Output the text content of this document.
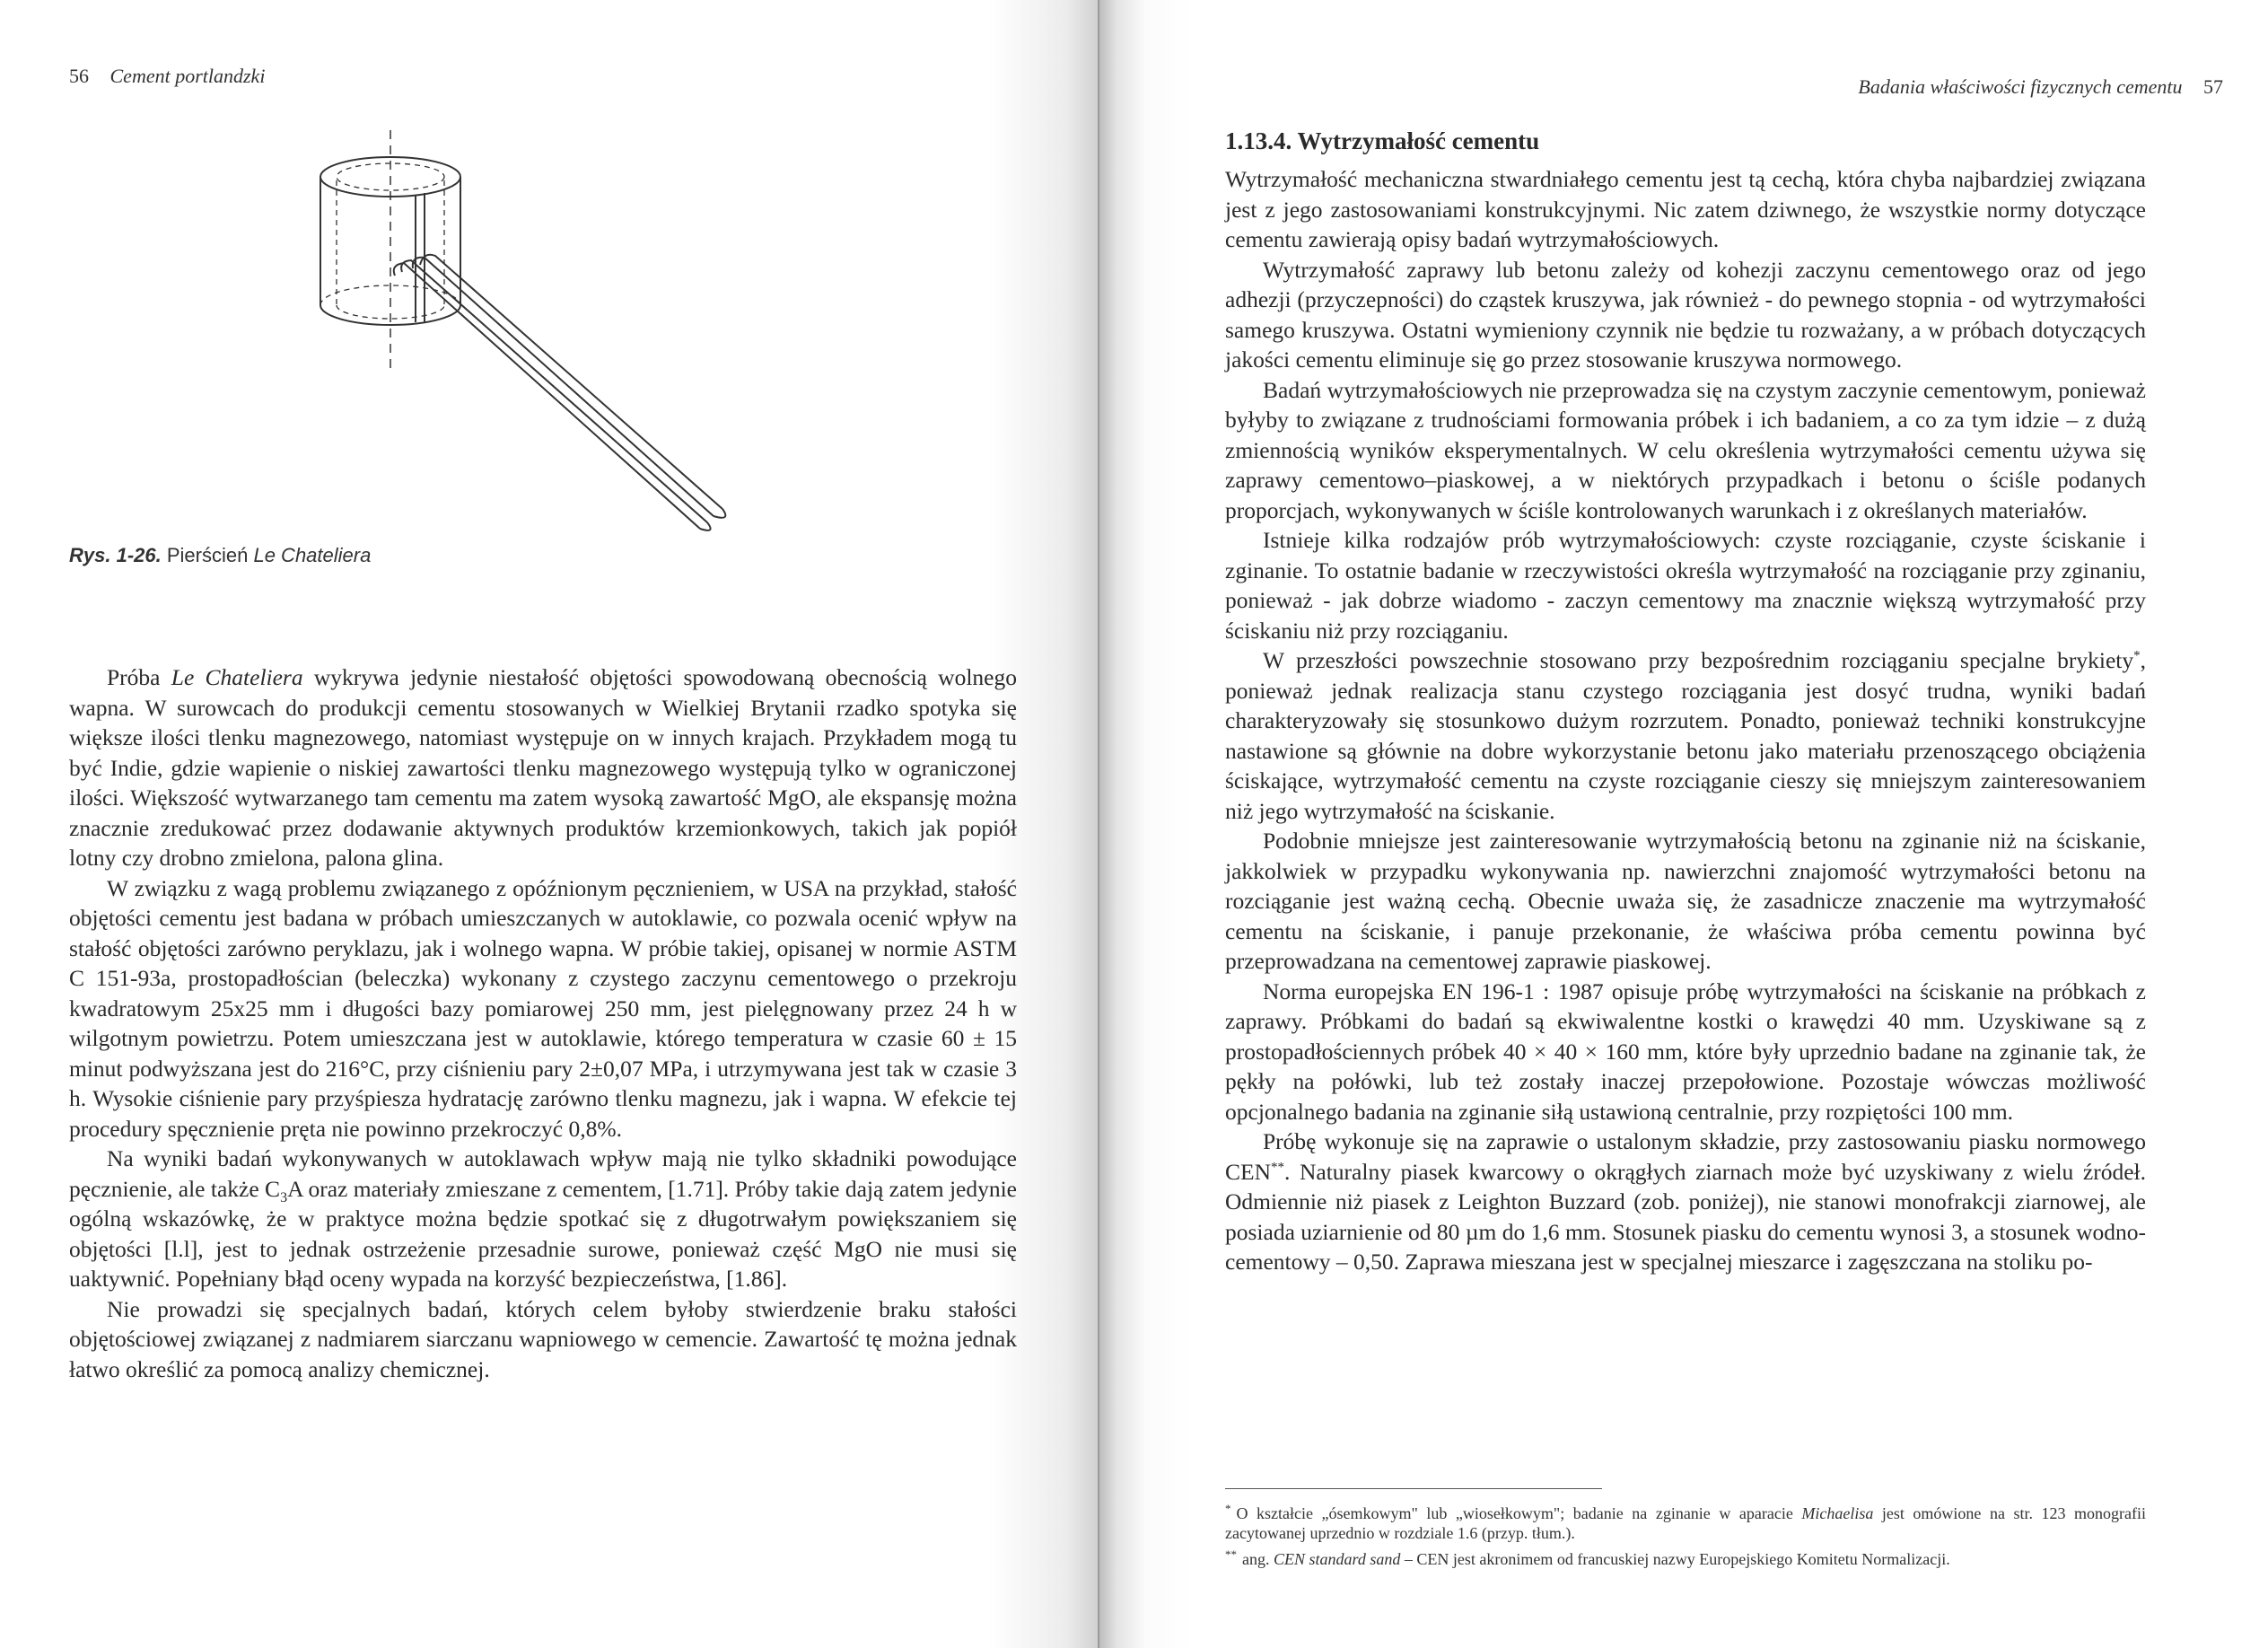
56 Cement portlandzki
Rys. 1-26. Pierścień Le Chateliera

Próba Le Chateliera wykrywa jedynie niestałość objętości spowodowaną obecnością wolnego wapna. W surowcach do produkcji cementu stosowanych w Wielkiej Brytanii rzadko spotyka się większe ilości tlenku magnezowego, natomiast występuje on w innych krajach. Przykładem mogą tu być Indie, gdzie wapienie o niskiej zawartości tlenku magnezowego występują tylko w ograniczonej ilości. Większość wytwarzanego tam cementu ma zatem wysoką zawartość MgO, ale ekspansję można znacznie zredukować przez dodawanie aktywnych produktów krzemionkowych, takich jak popiół lotny czy drobno zmielona, palona glina.

W związku z wagą problemu związanego z opóźnionym pęcznieniem, w USA na przykład, stałość objętości cementu jest badana w próbach umieszczanych w autoklawie, co pozwala ocenić wpływ na stałość objętości zarówno peryklazu, jak i wolnego wapna. W próbie takiej, opisanej w normie ASTM C 151-93a, prostopadłościan (beleczka) wykonany z czystego zaczynu cementowego o przekroju kwadratowym 25x25 mm i długości bazy pomiarowej 250 mm, jest pielęgnowany przez 24 h w wilgotnym powietrzu. Potem umieszczana jest w autoklawie, którego temperatura w czasie 60 ± 15 minut podwyższana jest do 216°C, przy ciśnieniu pary 2±0,07 MPa, i utrzymywana jest tak w czasie 3 h. Wysokie ciśnienie pary przyśpiesza hydratację zarówno tlenku magnezu, jak i wapna. W efekcie tej procedury spęcznienie pręta nie powinno przekroczyć 0,8%.

Na wyniki badań wykonywanych w autoklawach wpływ mają nie tylko składniki powodujące pęcznienie, ale także $C_3A$ oraz materiały zmieszane z cementem, [1.71]. Próby takie dają zatem jedynie ogólną wskazówkę, że w praktyce można będzie spotkać się z długotrwałym powiększaniem się objętości [l.l], jest to jednak ostrzeżenie przesadnie surowe, ponieważ część MgO nie musi się uaktywnić. Popełniany błąd oceny wypada na korzyść bezpieczeństwa, [1.86].

Nie prowadzi się specjalnych badań, których celem byłoby stwierdzenie braku stałości objętościowej związanej z nadmiarem siarczanu wapniowego w cemencie. Zawartość tę można jednak łatwo określić za pomocą analizy chemicznej.

Badania właściwości fizycznych cementu 57
1.13.4. Wytrzymałość cementu

Wytrzymałość mechaniczna stwardniałego cementu jest tą cechą, która chyba najbardziej związana jest z jego zastosowaniami konstrukcyjnymi. Nic zatem dziwnego, że wszystkie normy dotyczące cementu zawierają opisy badań wytrzymałościowych.

Wytrzymałość zaprawy lub betonu zależy od kohezji zaczynu cementowego oraz od jego adhezji (przyczepności) do cząstek kruszywa, jak również - do pewnego stopnia - od wytrzymałości samego kruszywa. Ostatni wymieniony czynnik nie będzie tu rozważany, a w próbach dotyczących jakości cementu eliminuje się go przez stosowanie kruszywa normowego.

Badań wytrzymałościowych nie przeprowadza się na czystym zaczynie cementowym, ponieważ byłyby to związane z trudnościami formowania próbek i ich badaniem, a co za tym idzie – z dużą zmiennością wyników eksperymentalnych. W celu określenia wytrzymałości cementu używa się zaprawy cementowo–piaskowej, a w niektórych przypadkach i betonu o ściśle podanych proporcjach, wykonywanych w ściśle kontrolowanych warunkach i z określanych materiałów.

Istnieje kilka rodzajów prób wytrzymałościowych: czyste rozciąganie, czyste ściskanie i zginanie. To ostatnie badanie w rzeczywistości określa wytrzymałość na rozciąganie przy zginaniu, ponieważ - jak dobrze wiadomo - zaczyn cementowy ma znacznie większą wytrzymałość przy ściskaniu niż przy rozciąganiu.

W przeszłości powszechnie stosowano przy bezpośrednim rozciąganiu specjalne brykiety*, ponieważ jednak realizacja stanu czystego rozciągania jest dosyć trudna, wyniki badań charakteryzowały się stosunkowo dużym rozrzutem. Ponadto, ponieważ techniki konstrukcyjne nastawione są głównie na dobre wykorzystanie betonu jako materiału przenoszącego obciążenia ściskające, wytrzymałość cementu na czyste rozciąganie cieszy się mniejszym zainteresowaniem niż jego wytrzymałość na ściskanie.

Podobnie mniejsze jest zainteresowanie wytrzymałością betonu na zginanie niż na ściskanie, jakkolwiek w przypadku wykonywania np. nawierzchni znajomość wytrzymałości betonu na rozciąganie jest ważną cechą. Obecnie uważa się, że zasadnicze znaczenie ma wytrzymałość cementu na ściskanie, i panuje przekonanie, że właściwa próba cementu powinna być przeprowadzana na cementowej zaprawie piaskowej.

Norma europejska EN 196-1 : 1987 opisuje próbę wytrzymałości na ściskanie na próbkach z zaprawy. Próbkami do badań są ekwiwalentne kostki o krawędzi 40 mm. Uzyskiwane są z prostopadłościennych próbek 40 × 40 × 160 mm, które były uprzednio badane na zginanie tak, że pękły na połówki, lub też zostały inaczej przepołowione. Pozostaje wówczas możliwość opcjonalnego badania na zginanie siłą ustawioną centralnie, przy rozpiętości 100 mm.

Próbę wykonuje się na zaprawie o ustalonym składzie, przy zastosowaniu piasku normowego CEN**. Naturalny piasek kwarcowy o okrągłych ziarnach może być uzyskiwany z wielu źródeł. Odmiennie niż piasek z Leighton Buzzard (zob. poniżej), nie stanowi monofrakcji ziarnowej, ale posiada uziarnienie od 80 µm do 1,6 mm. Stosunek piasku do cementu wynosi 3, a stosunek wodno-cementowy – 0,50. Zaprawa mieszana jest w specjalnej mieszarce i zagęszczana na stoliku po-

* O kształcie „ósemkowym" lub „wiosełkowym"; badanie na zginanie w aparacie Michaelisa jest omówione na str. 123 monografii zacytowanej uprzednio w rozdziale 1.6 (przyp. tłum.).
** ang. CEN standard sand – CEN jest akronimem od francuskiej nazwy Europejskiego Komitetu Normalizacji.
